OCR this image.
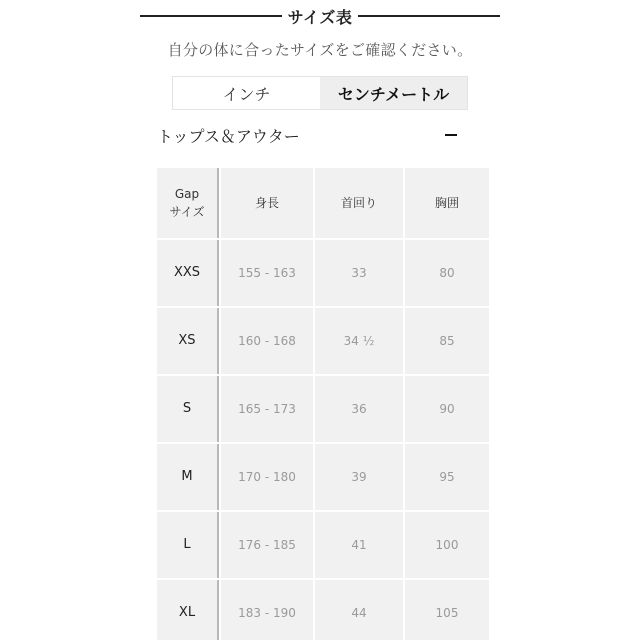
サイズ表
自分の体に合ったサイズをご確認ください。
インチ	センチメートル
トップス＆アウター
Gap
サイズ
身長	首回り	胸囲
XXS	155 - 163	33	80
XS	160 - 168	34 ½	85
S	165 - 173	36	90
M	170 - 180	39	95
L	176 - 185	41	100
XL	183 - 190	44	105
